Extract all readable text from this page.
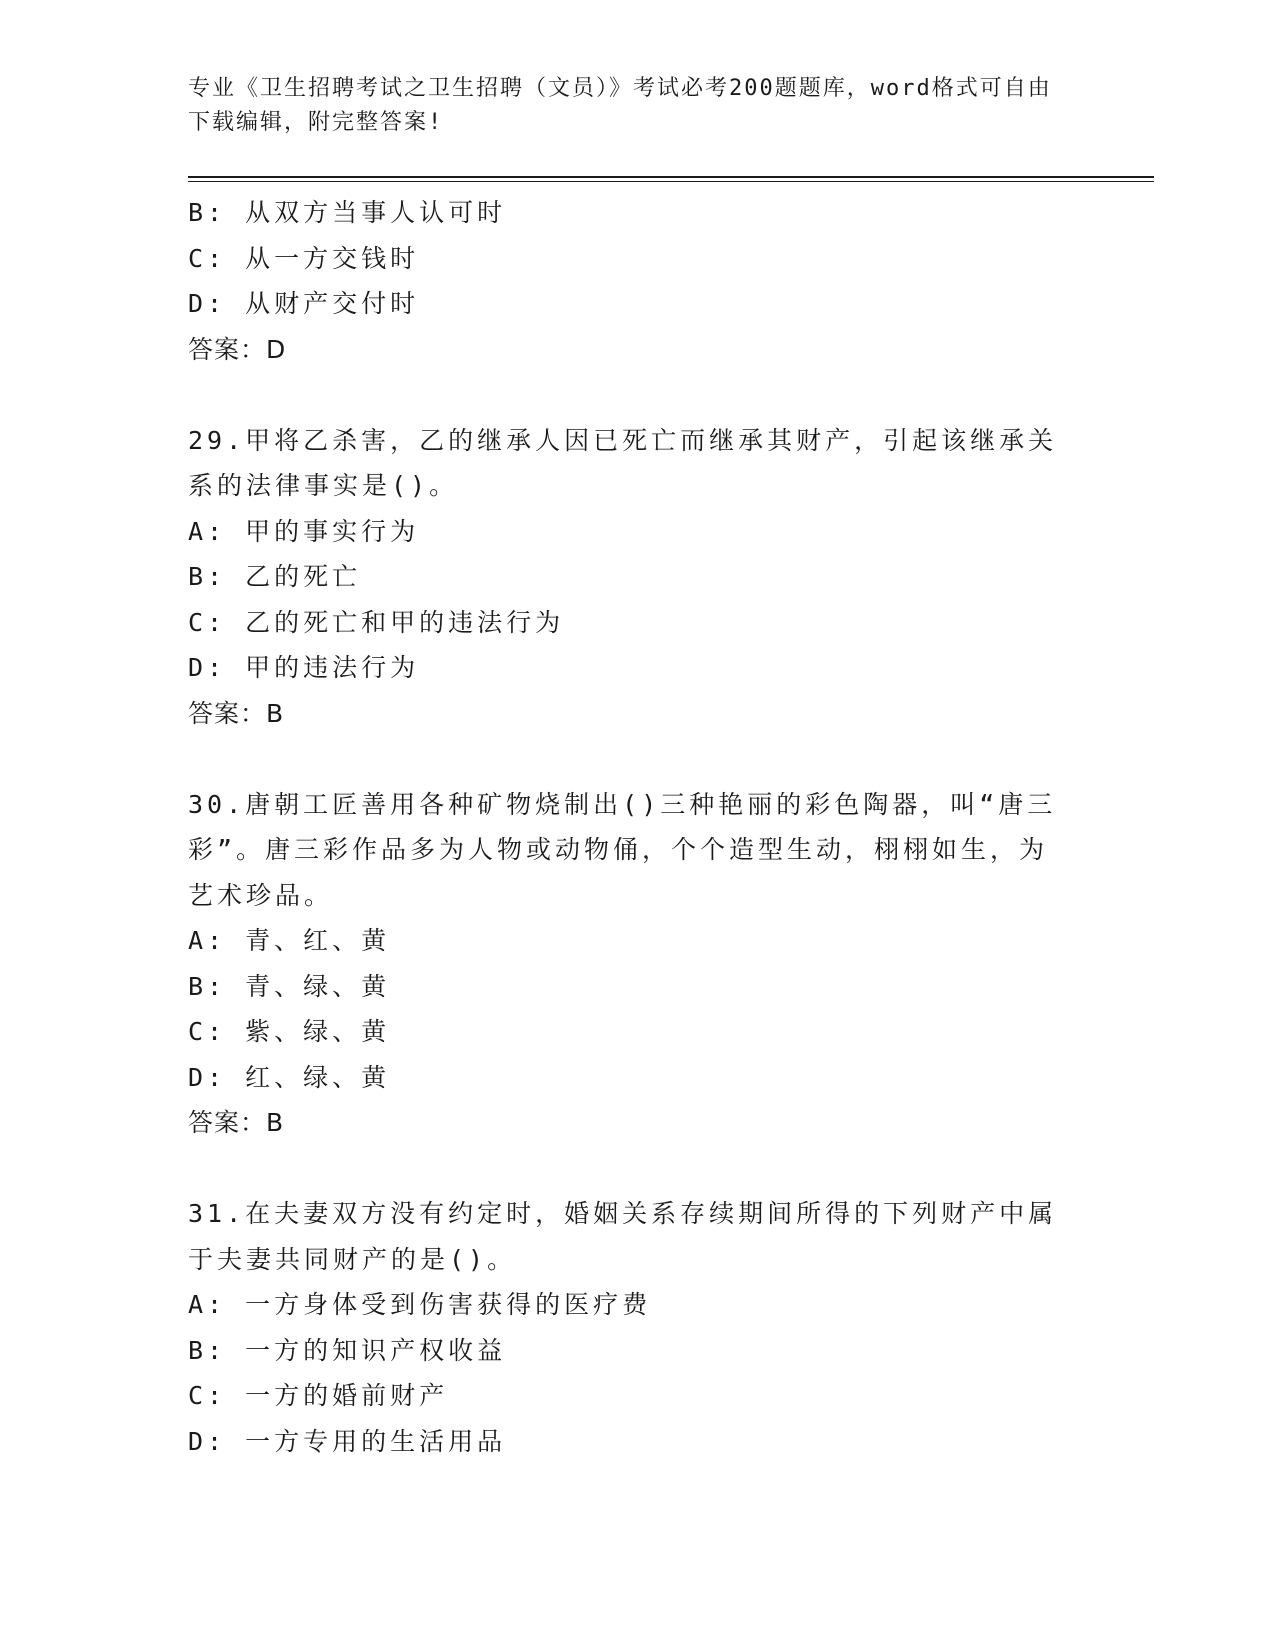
专业《卫生招聘考试之卫生招聘（文员）》考试必考200题题库，word格式可自由下载编辑，附完整答案!
B: 从双方当事人认可时
C: 从一方交钱时
D: 从财产交付时
答案：D
29.甲将乙杀害，乙的继承人因已死亡而继承其财产，引起该继承关系的法律事实是()。
A: 甲的事实行为
B: 乙的死亡
C: 乙的死亡和甲的违法行为
D: 甲的违法行为
答案：B
30.唐朝工匠善用各种矿物烧制出()三种艳丽的彩色陶器，叫“唐三彩”。唐三彩作品多为人物或动物俑，个个造型生动，栩栩如生，为艺术珍品。
A: 青、红、黄
B: 青、绿、黄
C: 紫、绿、黄
D: 红、绿、黄
答案：B
31.在夫妻双方没有约定时，婚姻关系存续期间所得的下列财产中属于夫妻共同财产的是()。
A: 一方身体受到伤害获得的医疗费
B: 一方的知识产权收益
C: 一方的婚前财产
D: 一方专用的生活用品
